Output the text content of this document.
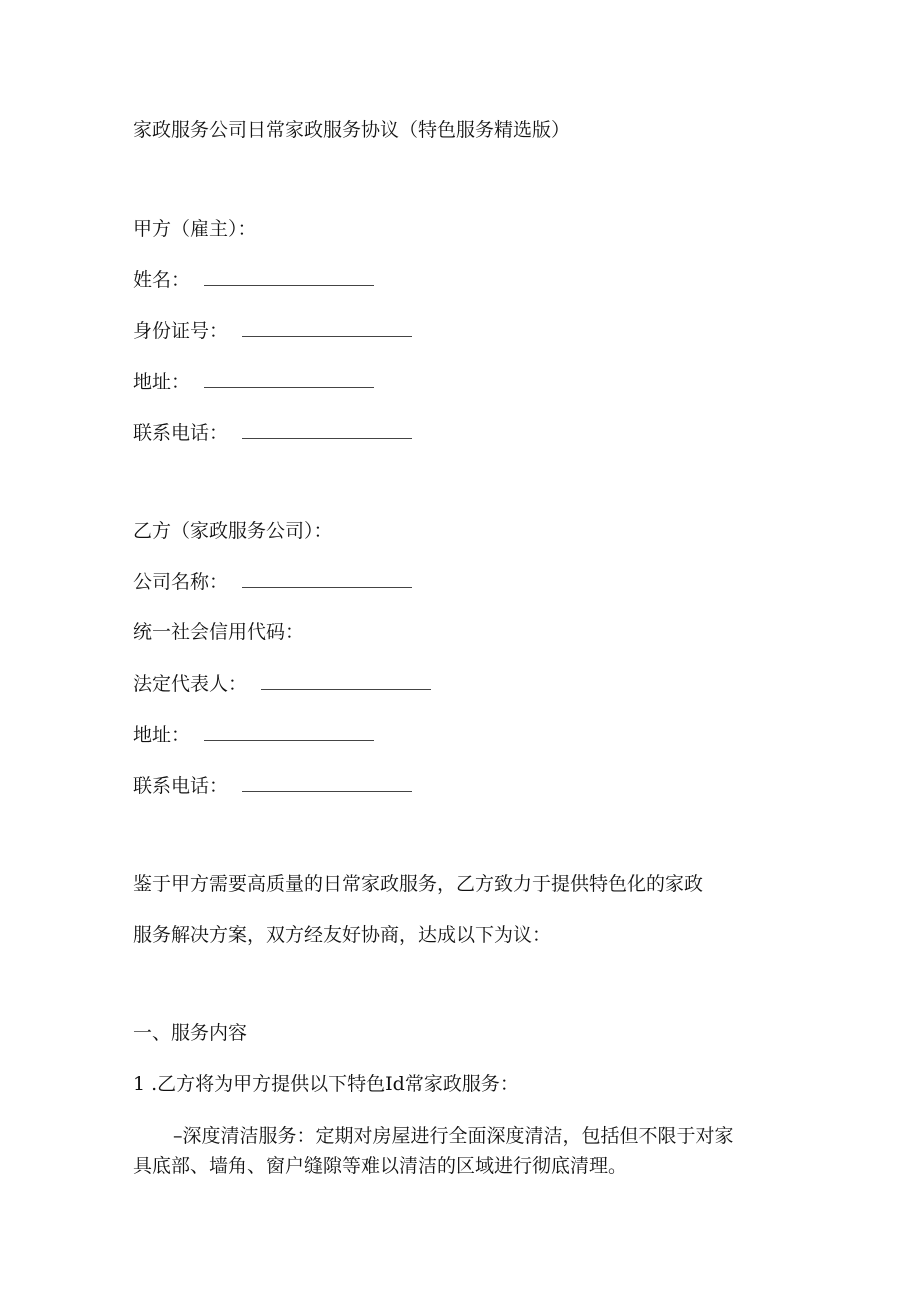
家政服务公司日常家政服务协议（特色服务精选版）
甲方（雇主）：
姓名：
身份证号：
地址：
联系电话：
乙方（家政服务公司）：
公司名称：
统一社会信用代码：
法定代表人：
地址：
联系电话：
鉴于甲方需要高质量的日常家政服务，乙方致力于提供特色化的家政
服务解决方案，双方经友好协商，达成以下为议：
一、服务内容
1 .乙方将为甲方提供以下特色Id常家政服务：
–深度清洁服务：定期对房屋进行全面深度清洁，包括但不限于对家
具底部、墙角、窗户缝隙等难以清洁的区域进行彻底清理。
